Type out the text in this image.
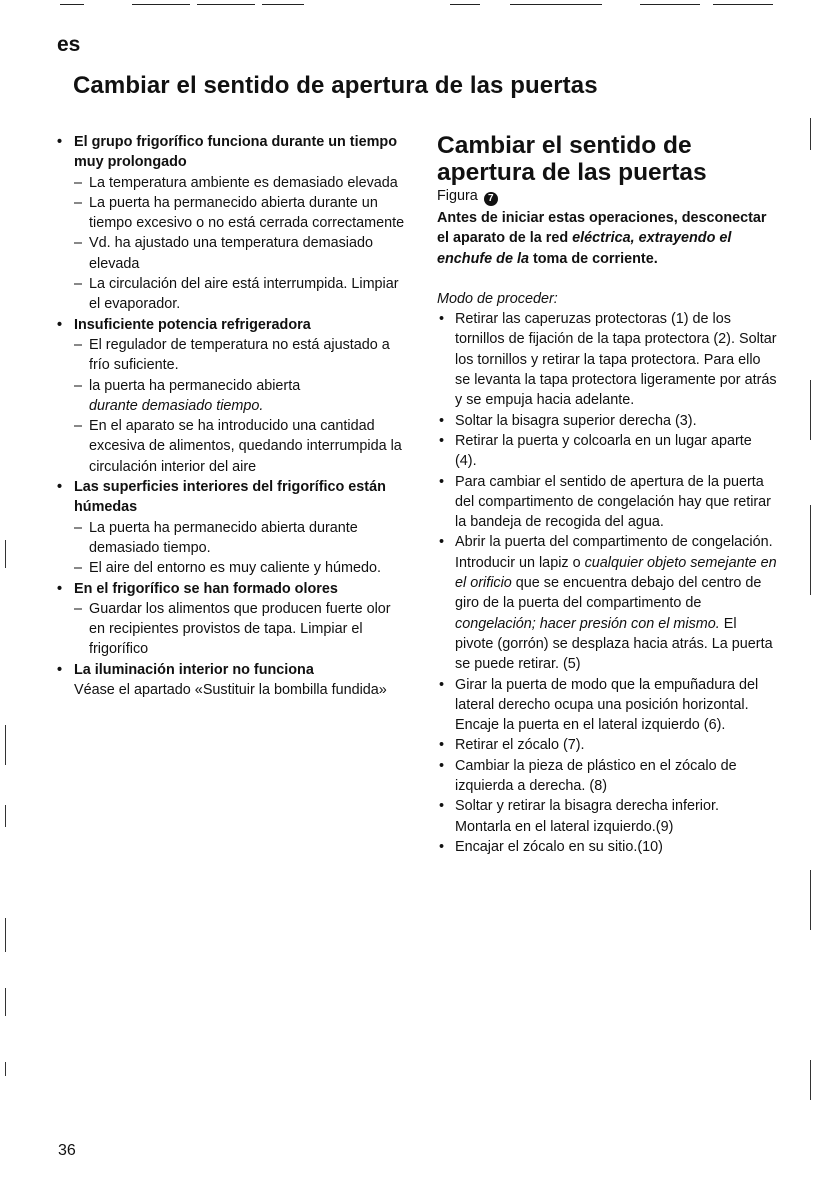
es
Cambiar el sentido de apertura de las puertas
• El grupo frigorífico funciona durante un tiempo muy prolongado
– La temperatura ambiente es demasiado elevada
– La puerta ha permanecido abierta durante un tiempo excesivo o no está cerrada correctamente
– Vd. ha ajustado una temperatura demasiado elevada
– La circulación del aire está interrumpida. Limpiar el evaporador.
• Insuficiente potencia refrigeradora
– El regulador de temperatura no está ajustado a frío suficiente.
– la puerta ha permanecido abierta
durante demasiado tiempo.
– En el aparato se ha introducido una cantidad excesiva de alimentos, quedando interrumpida la circulación interior del aire
• Las superficies interiores del frigorífico están húmedas
– La puerta ha permanecido abierta durante demasiado tiempo.
– El aire del entorno es muy caliente y húmedo.
• En el frigorífico se han formado olores
– Guardar los alimentos que producen fuerte olor en recipientes provistos de tapa. Limpiar el frigorífico
• La iluminación interior no funciona
Véase el apartado «Sustituir la bombilla fundida»
Cambiar el sentido de apertura de las puertas
Figura 7
Antes de iniciar estas operaciones, desconectar el aparato de la red eléctrica, extrayendo el enchufe de la toma de corriente.
Modo de proceder:
• Retirar las caperuzas protectoras (1) de los tornillos de fijación de la tapa protectora (2). Soltar los tornillos y retirar la tapa protectora. Para ello se levanta la tapa protectora ligeramente por atrás y se empuja hacia adelante.
• Soltar la bisagra superior derecha (3).
• Retirar la puerta y colcoarla en un lugar aparte (4).
• Para cambiar el sentido de apertura de la puerta del compartimento de congelación hay que retirar la bandeja de recogida del agua.
• Abrir la puerta del compartimento de congelación. Introducir un lapiz o cualquier objeto semejante en el orificio que se encuentra debajo del centro de giro de la puerta del compartimento de congelación; hacer presión con el mismo. El pivote (gorrón) se desplaza hacia atrás. La puerta se puede retirar. (5)
• Girar la puerta de modo que la empuñadura del lateral derecho ocupa una posición horizontal. Encaje la puerta en el lateral izquierdo (6).
• Retirar el zócalo (7).
• Cambiar la pieza de plástico en el zócalo de izquierda a derecha. (8)
• Soltar y retirar la bisagra derecha inferior. Montarla en el lateral izquierdo.(9)
• Encajar el zócalo en su sitio.(10)
36
